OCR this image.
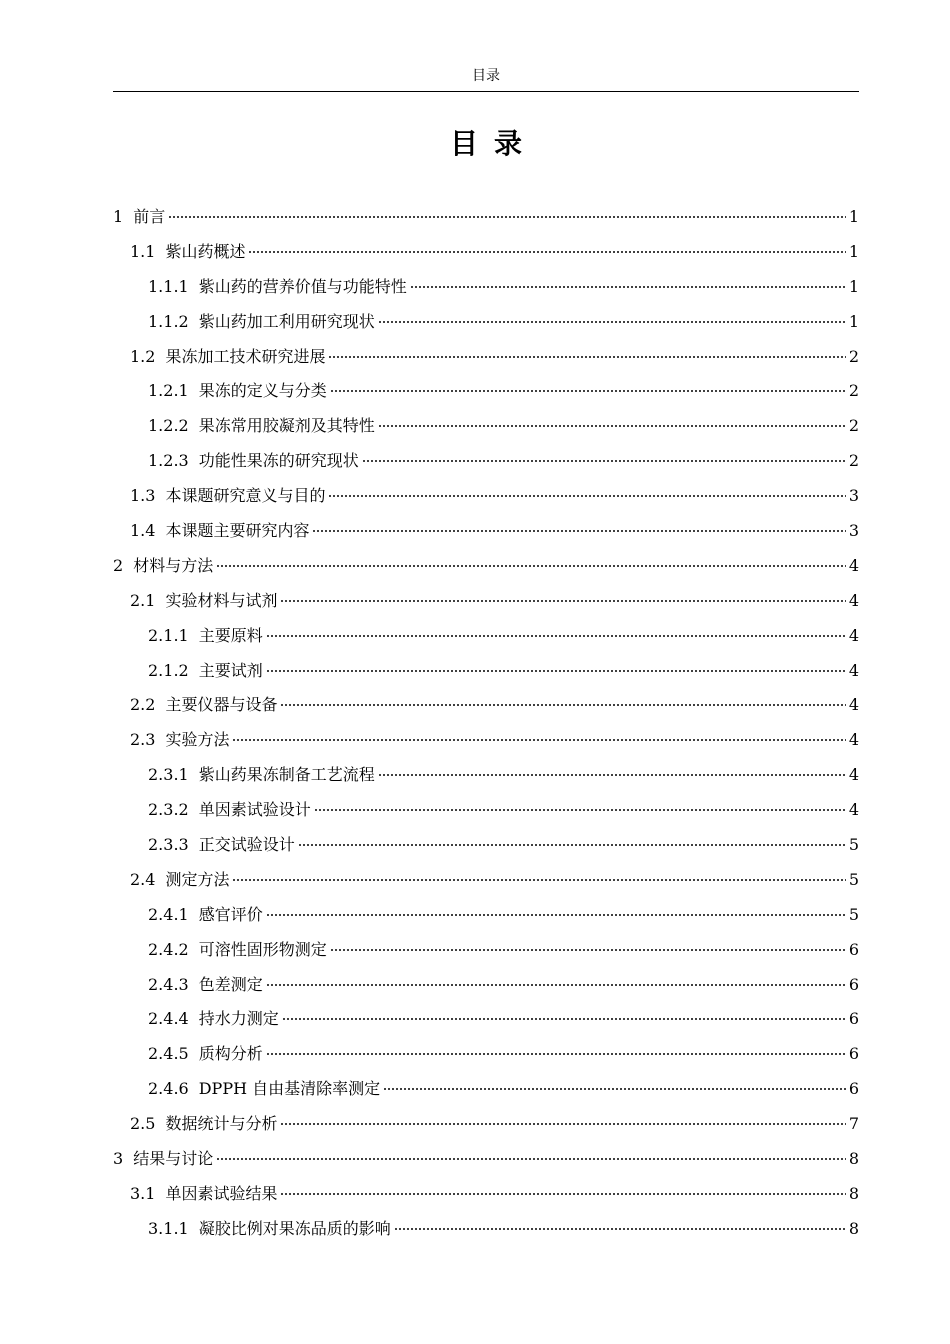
目录
目录
1 前言	1
1.1 紫山药概述	1
1.1.1 紫山药的营养价值与功能特性	1
1.1.2 紫山药加工利用研究现状	1
1.2 果冻加工技术研究进展	2
1.2.1 果冻的定义与分类	2
1.2.2 果冻常用胶凝剂及其特性	2
1.2.3 功能性果冻的研究现状	2
1.3 本课题研究意义与目的	3
1.4 本课题主要研究内容	3
2 材料与方法	4
2.1 实验材料与试剂	4
2.1.1 主要原料	4
2.1.2 主要试剂	4
2.2 主要仪器与设备	4
2.3 实验方法	4
2.3.1 紫山药果冻制备工艺流程	4
2.3.2 单因素试验设计	4
2.3.3 正交试验设计	5
2.4 测定方法	5
2.4.1 感官评价	5
2.4.2 可溶性固形物测定	6
2.4.3 色差测定	6
2.4.4 持水力测定	6
2.4.5 质构分析	6
2.4.6 DPPH 自由基清除率测定	6
2.5 数据统计与分析	7
3 结果与讨论	8
3.1 单因素试验结果	8
3.1.1 凝胶比例对果冻品质的影响	8
